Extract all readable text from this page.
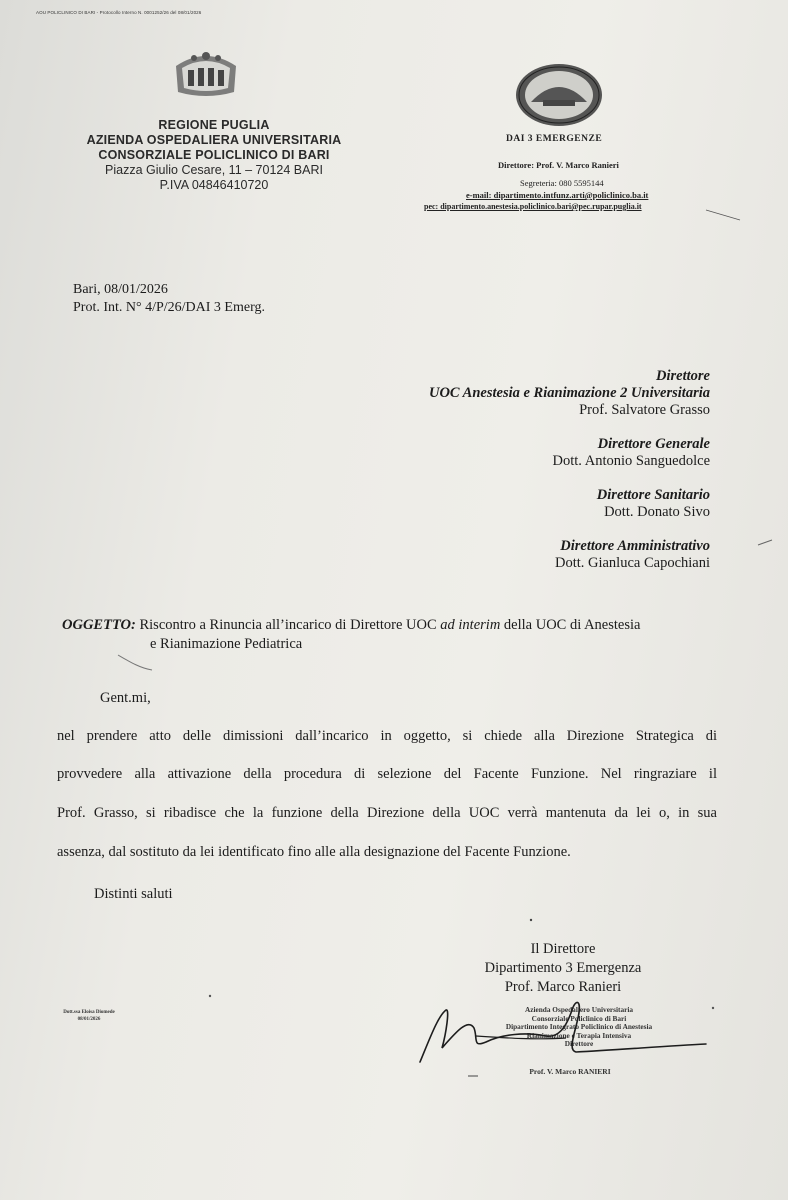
AOU POLICLINICO DI BARI - Protocollo Interno N. 0001252/26 del 08/01/2026
REGIONE PUGLIA
AZIENDA OSPEDALIERA UNIVERSITARIA
CONSORZIALE POLICLINICO DI BARI
Piazza Giulio Cesare, 11 – 70124 BARI
P.IVA 04846410720
DAI 3 EMERGENZE
Direttore: Prof. V. Marco Ranieri
Segreteria: 080 5595144
e-mail: dipartimento.intfunz.arti@policlinico.ba.it
pec: dipartimento.anestesia.policlinico.bari@pec.rupar.puglia.it
Bari, 08/01/2026
Prot. Int. N° 4/P/26/DAI 3 Emerg.
Direttore
UOC Anestesia e Rianimazione 2 Universitaria
Prof. Salvatore Grasso
Direttore Generale
Dott. Antonio Sanguedolce
Direttore Sanitario
Dott. Donato Sivo
Direttore Amministrativo
Dott. Gianluca Capochiani
OGGETTO: Riscontro a Rinuncia all’incarico di Direttore UOC ad interim della UOC di Anestesia
e Rianimazione Pediatrica
Gent.mi,
nel prendere atto delle dimissioni dall’incarico in oggetto, si chiede alla Direzione Strategica di
provvedere alla attivazione della procedura di selezione del Facente Funzione. Nel ringraziare il
Prof. Grasso, si ribadisce che la funzione della Direzione della UOC verrà mantenuta da lei o, in sua
assenza, dal sostituto da lei identificato fino alle alla designazione del Facente Funzione.
Distinti saluti
Il Direttore
Dipartimento 3 Emergenza
Prof. Marco Ranieri
Azienda Ospedaliero Universitaria
Consorziale Policlinico di Bari
Dipartimento Integrato Policlinico di Anestesia
Rianimazione e Terapia Intensiva
Direttore
Prof. V. Marco RANIERI
Dott.ssa Eloisa Diomede
08/01/2026
